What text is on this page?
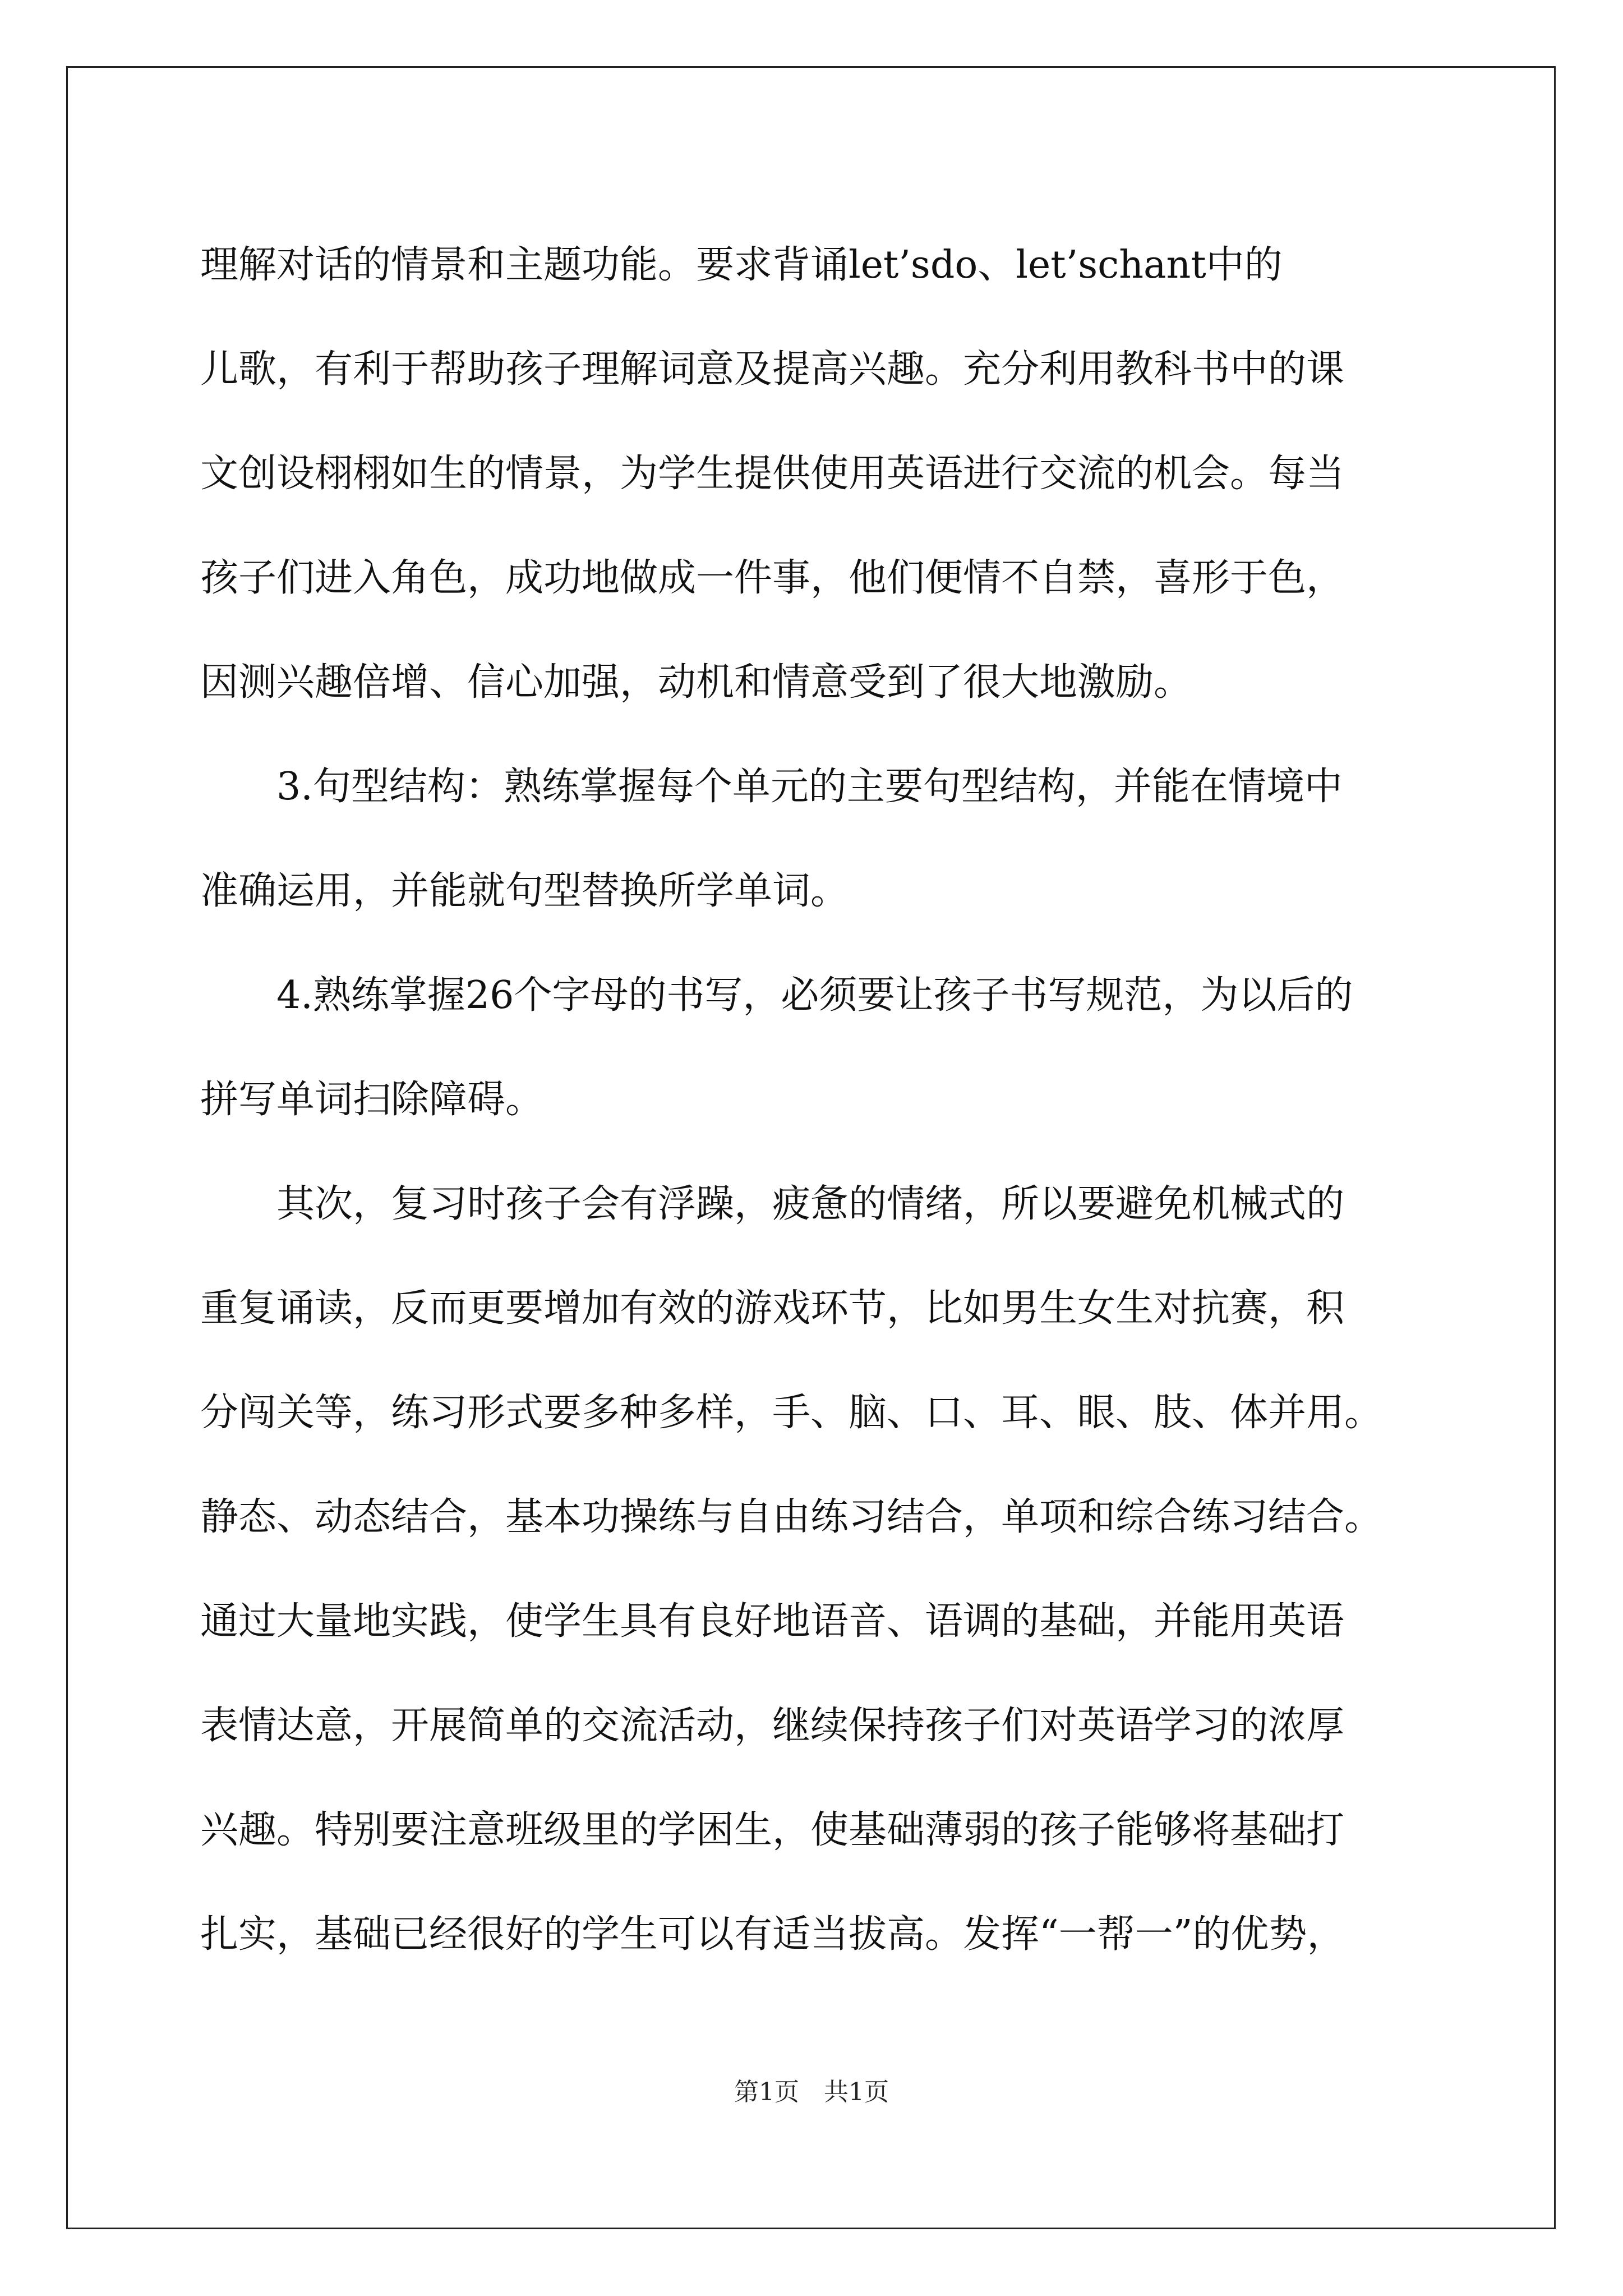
理解对话的情景和主题功能。要求背诵let’sdo、let’schant中的
儿歌，有利于帮助孩子理解词意及提高兴趣。充分利用教科书中的课
文创设栩栩如生的情景，为学生提供使用英语进行交流的机会。每当
孩子们进入角色，成功地做成一件事，他们便情不自禁，喜形于色，
因测兴趣倍增、信心加强，动机和情意受到了很大地激励。
3.句型结构：熟练掌握每个单元的主要句型结构，并能在情境中
准确运用，并能就句型替换所学单词。
4.熟练掌握26个字母的书写，必须要让孩子书写规范，为以后的
拼写单词扫除障碍。
其次，复习时孩子会有浮躁，疲惫的情绪，所以要避免机械式的
重复诵读，反而更要增加有效的游戏环节，比如男生女生对抗赛，积
分闯关等，练习形式要多种多样，手、脑、口、耳、眼、肢、体并用。
静态、动态结合，基本功操练与自由练习结合，单项和综合练习结合。
通过大量地实践，使学生具有良好地语音、语调的基础，并能用英语
表情达意，开展简单的交流活动，继续保持孩子们对英语学习的浓厚
兴趣。特别要注意班级里的学困生，使基础薄弱的孩子能够将基础打
扎实，基础已经很好的学生可以有适当拔高。发挥“一帮一”的优势，
第1页　共1页
